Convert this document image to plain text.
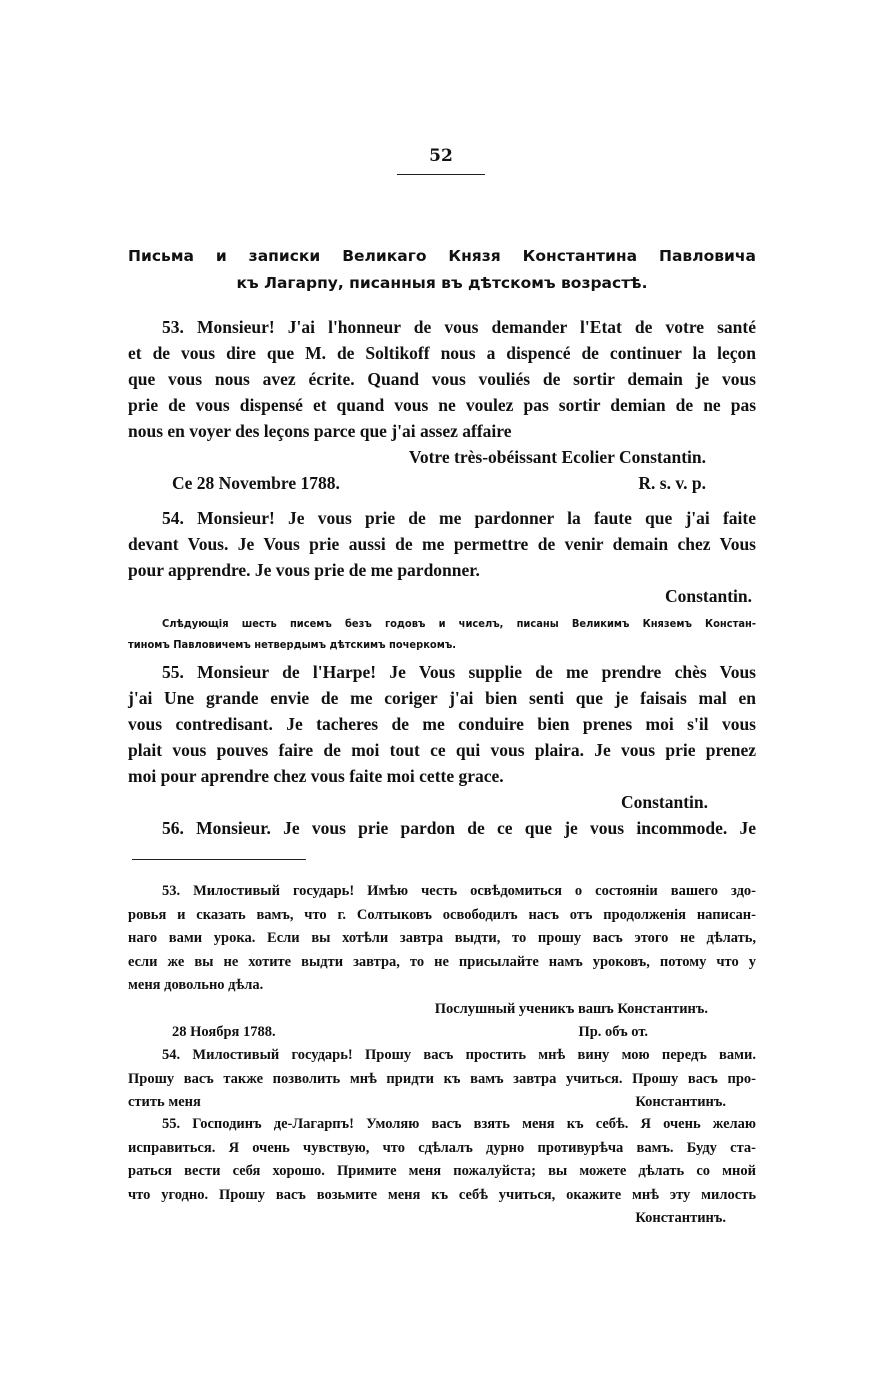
52
Письма и записки Великаго Князя Константина Павловича
къ Лагарпу, писанныя въ дѣтскомъ возрастѣ.
53. Monsieur! J'ai l'honneur de vous demander l'Etat de votre santé
et de vous dire que M. de Soltikoff nous a dispencé de continuer la leçon
que vous nous avez écrite. Quand vous vouliés de sortir demain je vous
prie de vous dispensé et quand vous ne voulez pas sortir demian de ne pas
nous en voyer des leçons parce que j'ai assez affaire
Votre très-obéissant Ecolier Constantin.
Ce 28 Novembre 1788.	R. s. v. p.
54. Monsieur! Je vous prie de me pardonner la faute que j'ai faite
devant Vous. Je Vous prie aussi de me permettre de venir demain chez Vous
pour apprendre. Je vous prie de me pardonner.
Constantin.
Слѣдующія шесть писемъ безъ годовъ и чиселъ, писаны Великимъ Княземъ Констан-
тиномъ Павловичемъ нетвердымъ дѣтскимъ почеркомъ.
55. Monsieur de l'Harpe! Je Vous supplie de me prendre chès Vous
j'ai Une grande envie de me coriger j'ai bien senti que je faisais mal en
vous contredisant. Je tacheres de me conduire bien prenes moi s'il vous
plait vous pouves faire de moi tout ce qui vous plaira. Je vous prie prenez
moi pour aprendre chez vous faite moi cette grace.
Constantin.
56. Monsieur. Je vous prie pardon de ce que je vous incommode. Je
53. Милостивый государь! Имѣю честь освѣдомиться о состояніи вашего здо-
ровья и сказать вамъ, что г. Солтыковъ освободилъ насъ отъ продолженія написан-
наго вами урока. Если вы хотѣли завтра выдти, то прошу васъ этого не дѣлать,
если же вы не хотите выдти завтра, то не присылайте намъ уроковъ, потому что у
меня довольно дѣла.
Послушный ученикъ вашъ Константинъ.
28 Ноября 1788.	Пр. объ от.
54. Милостивый государь! Прошу васъ простить мнѣ вину мою передъ вами.
Прошу васъ также позволить мнѣ придти къ вамъ завтра учиться. Прошу васъ про-
стить меня	Константинъ.
55. Господинъ де-Лагарпъ! Умоляю васъ взять меня къ себѣ. Я очень желаю
исправиться. Я очень чувствую, что сдѣлалъ дурно противурѣча вамъ. Буду ста-
раться вести себя хорошо. Примите меня пожалуйста; вы можете дѣлать со мной
что угодно. Прошу васъ возьмите меня къ себѣ учиться, окажите мнѣ эту милость
Константинъ.
